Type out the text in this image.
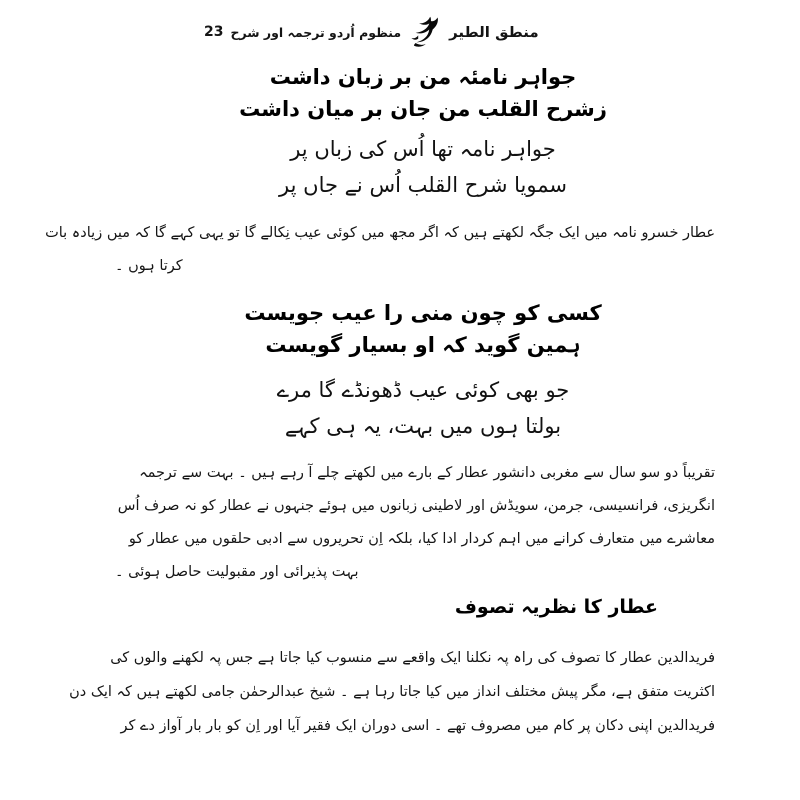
منطق الطیر
منظوم اُردو ترجمہ اور شرح
23
جواہر نامئہ من بر زبان داشت
زشرح القلب من جان بر میان داشت
جواہر نامہ تھا اُس کی زباں پر
سمویا شرح القلب اُس نے جاں پر
عطار خسرو نامہ میں ایک جگہ لکھتے ہیں کہ اگر مجھ میں کوئی عیب نِکالے گا تو یہی کہے گا کہ میں زیادہ بات
کرتا ہوں ۔
کسی کو چون منی را عیب جویست
ہمین گوید کہ او بسیار گویست
جو بھی کوئی عیب ڈھونڈے گا مرے
بولتا ہوں میں بہت، یہ ہی کہے
تقریباً دو سو سال سے مغربی دانشور عطار کے بارے میں لکھتے چلے آ رہے ہیں ۔ بہت سے ترجمہ
انگریزی، فرانسیسی، جرمن، سویڈش اور لاطینی زبانوں میں ہوئے جنہوں نے عطار کو نہ صرف اُس
معاشرے میں متعارف کرانے میں اہم کردار ادا کیا، بلکہ اِن تحریروں سے ادبی حلقوں میں عطار کو
بہت پذیرائی اور مقبولیت حاصل ہوئی ۔
عطار کا نظریہ تصوف
فریدالدین عطار کا تصوف کی راہ پہ نکلنا ایک واقعے سے منسوب کیا جاتا ہے جس پہ لکھنے والوں کی
اکثریت متفق ہے، مگر پیش مختلف انداز میں کیا جاتا رہا ہے ۔ شیخ عبدالرحمٰن جامی لکھتے ہیں کہ ایک دن
فریدالدین اپنی دکان پر کام میں مصروف تھے ۔ اسی دوران ایک فقیر آیا اور اِن کو بار بار آواز دے کر
